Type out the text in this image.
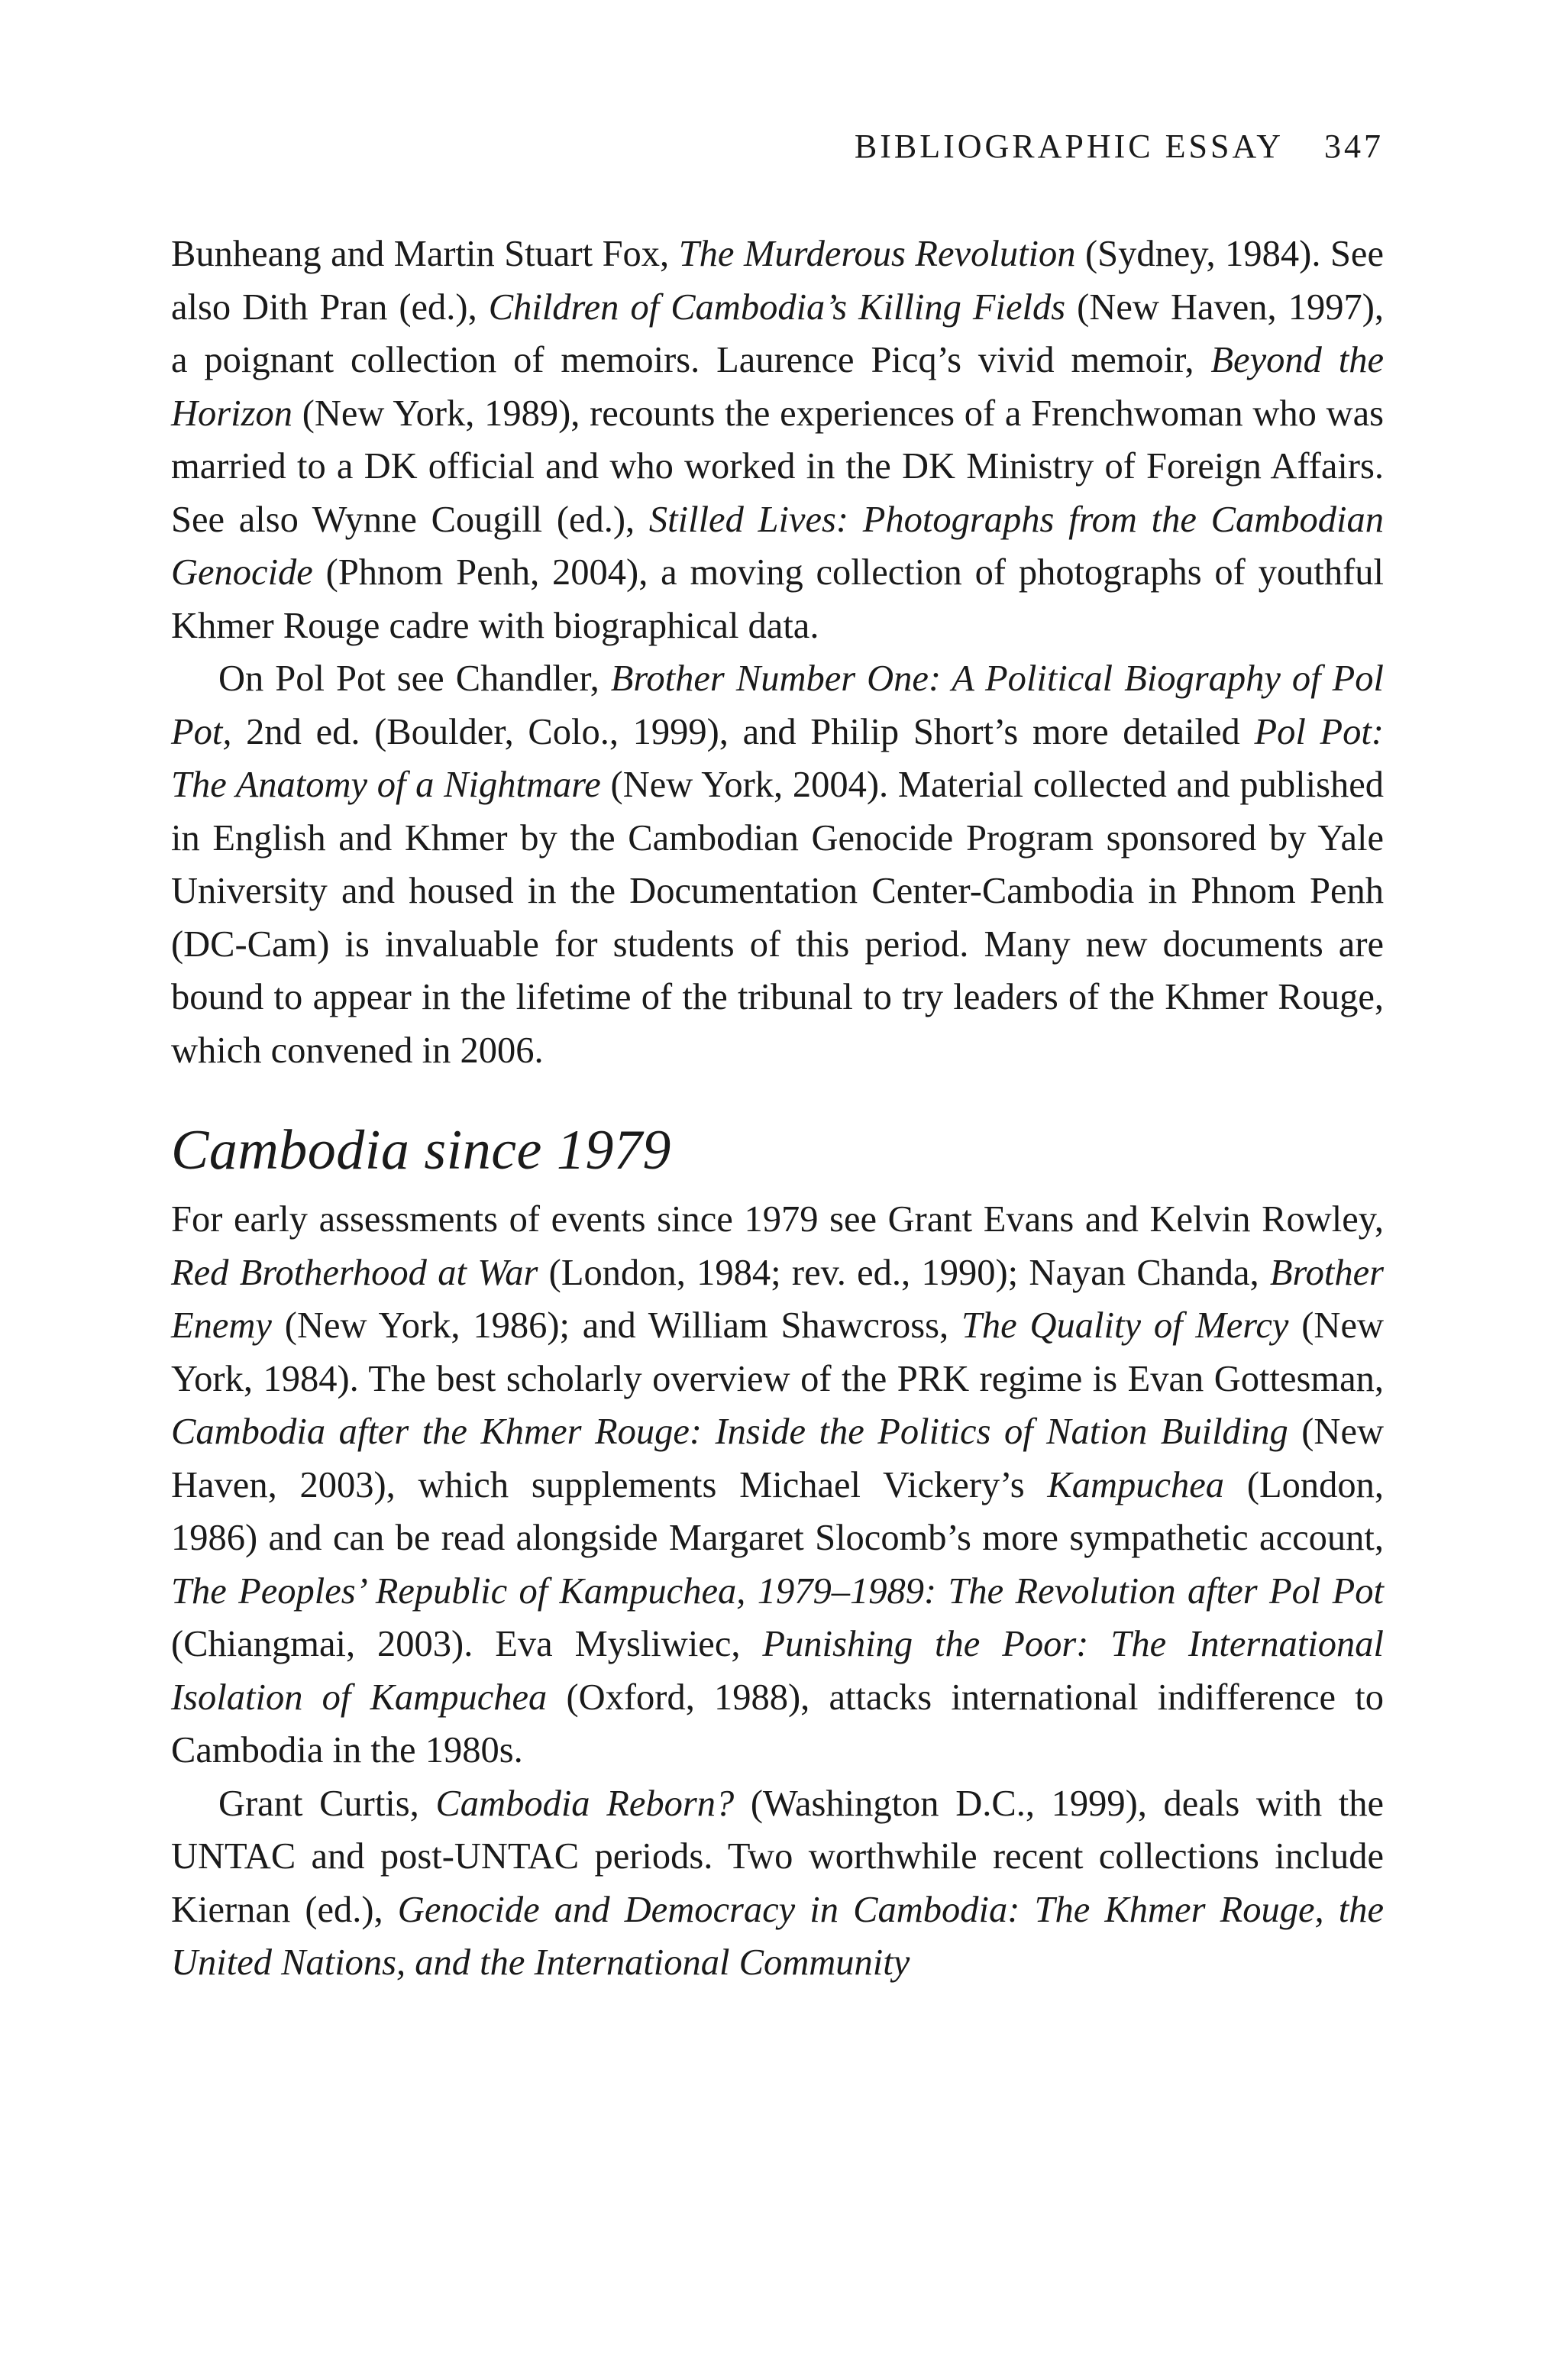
BIBLIOGRAPHIC ESSAY 347

Bunheang and Martin Stuart Fox, The Murderous Revolution (Sydney, 1984). See also Dith Pran (ed.), Children of Cambodia’s Killing Fields (New Haven, 1997), a poignant collection of memoirs. Laurence Picq’s vivid memoir, Beyond the Horizon (New York, 1989), recounts the experiences of a Frenchwoman who was married to a DK official and who worked in the DK Ministry of Foreign Affairs. See also Wynne Cougill (ed.), Stilled Lives: Photographs from the Cambodian Genocide (Phnom Penh, 2004), a moving collection of photographs of youthful Khmer Rouge cadre with biographical data.

On Pol Pot see Chandler, Brother Number One: A Political Biography of Pol Pot, 2nd ed. (Boulder, Colo., 1999), and Philip Short’s more detailed Pol Pot: The Anatomy of a Nightmare (New York, 2004). Material collected and published in English and Khmer by the Cambodian Genocide Program sponsored by Yale University and housed in the Documentation Center-Cambodia in Phnom Penh (DC-Cam) is invaluable for students of this period. Many new documents are bound to appear in the lifetime of the tribunal to try leaders of the Khmer Rouge, which convened in 2006.

Cambodia since 1979

For early assessments of events since 1979 see Grant Evans and Kelvin Rowley, Red Brotherhood at War (London, 1984; rev. ed., 1990); Nayan Chanda, Brother Enemy (New York, 1986); and William Shawcross, The Quality of Mercy (New York, 1984). The best scholarly overview of the PRK regime is Evan Gottesman, Cambodia after the Khmer Rouge: Inside the Politics of Nation Building (New Haven, 2003), which supplements Michael Vickery’s Kampuchea (London, 1986) and can be read alongside Margaret Slocomb’s more sympathetic account, The Peoples’ Republic of Kampuchea, 1979–1989: The Revolution after Pol Pot (Chiangmai, 2003). Eva Mysliwiec, Punishing the Poor: The International Isolation of Kampuchea (Oxford, 1988), attacks international indifference to Cambodia in the 1980s.

Grant Curtis, Cambodia Reborn? (Washington D.C., 1999), deals with the UNTAC and post-UNTAC periods. Two worthwhile recent collections include Kiernan (ed.), Genocide and Democracy in Cambodia: The Khmer Rouge, the United Nations, and the International Community
